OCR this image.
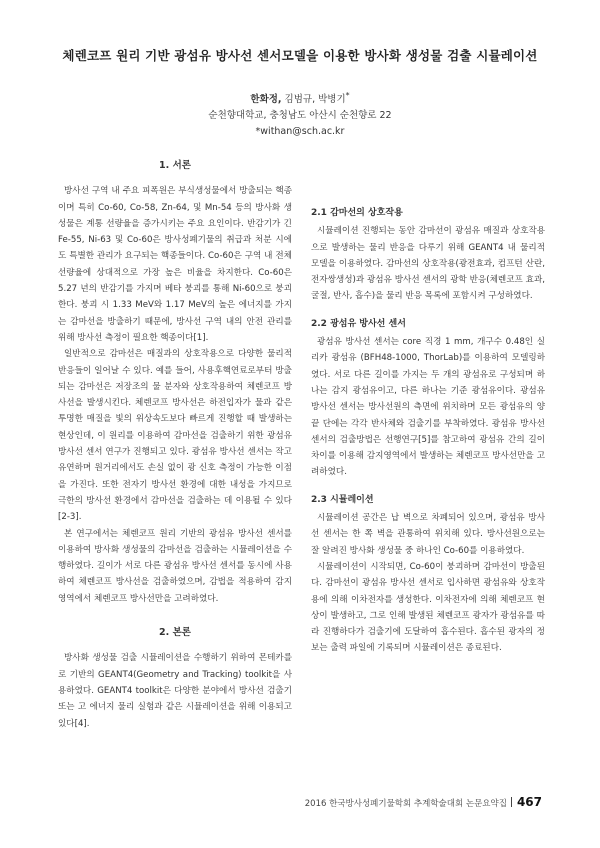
체렌코프 원리 기반 광섬유 방사선 센서모델을 이용한 방사화 생성물 검출 시뮬레이션
한화정, 김범규, 박병기*
순천향대학교, 충청남도 아산시 순천향로 22
*withan@sch.ac.kr
1. 서론

방사선 구역 내 주요 피폭원은 부식생성물에서 방출되는 핵종이며 특히 Co-60, Co-58, Zn-64, 및 Mn-54 등의 방사화 생성물은 계통 선량율을 증가시키는 주요 요인이다. 반감기가 긴 Fe-55, Ni-63 및 Co-60은 방사성폐기물의 취급과 처분 시에도 특별한 관리가 요구되는 핵종들이다. Co-60은 구역 내 전체 선량율에 상대적으로 가장 높은 비율을 차지한다. Co-60은 5.27 년의 반감기를 가지며 베타 붕괴를 통해 Ni-60으로 붕괴한다. 붕괴 시 1.33 MeV와 1.17 MeV의 높은 에너지를 가지는 감마선을 방출하기 때문에, 방사선 구역 내의 안전 관리를 위해 방사선 측정이 필요한 핵종이다[1].

일반적으로 감마선은 매질과의 상호작용으로 다양한 물리적 반응들이 일어날 수 있다. 예를 들어, 사용후핵연료로부터 방출되는 감마선은 저장조의 물 분자와 상호작용하여 체렌코프 방사선을 발생시킨다. 체렌코프 방사선은 하전입자가 물과 같은 투명한 매질을 빛의 위상속도보다 빠르게 진행할 때 발생하는 현상인데, 이 원리를 이용하여 감마선을 검출하기 위한 광섬유 방사선 센서 연구가 진행되고 있다. 광섬유 방사선 센서는 작고 유연하며 원거리에서도 손실 없이 광 신호 측정이 가능한 이점을 가진다. 또한 전자기 방사선 환경에 대한 내성을 가지므로 극한의 방사선 환경에서 감마선을 검출하는 데 이용될 수 있다[2-3].

본 연구에서는 체렌코프 원리 기반의 광섬유 방사선 센서를 이용하여 방사화 생성물의 감마선을 검출하는 시뮬레이션을 수행하였다. 길이가 서로 다른 광섬유 방사선 센서를 동시에 사용하여 체렌코프 방사선을 검출하였으며, 감법을 적용하여 감지영역에서 체렌코프 방사선만을 고려하였다.

2. 본론

방사화 생성물 검출 시뮬레이션을 수행하기 위하여 몬테카를로 기반의 GEANT4(Geometry and Tracking) toolkit을 사용하였다. GEANT4 toolkit은 다양한 분야에서 방사선 검출기 또는 고 에너지 물리 실험과 같은 시뮬레이션을 위해 이용되고 있다[4].

2.1 감마선의 상호작용

시뮬레이션 진행되는 동안 감마선이 광섬유 매질과 상호작용으로 발생하는 물리 반응을 다루기 위해 GEANT4 내 물리적 모델을 이용하였다. 감마선의 상호작용(광전효과, 컴프턴 산란, 전자쌍생성)과 광섬유 방사선 센서의 광학 반응(체렌코프 효과, 굴절, 반사, 흡수)을 물리 반응 목록에 포함시켜 구성하였다.

2.2 광섬유 방사선 센서

광섬유 방사선 센서는 core 직경 1 mm, 개구수 0.48인 실리카 광섬유 (BFH48-1000, ThorLab)를 이용하여 모델링하였다. 서로 다른 길이를 가지는 두 개의 광섬유로 구성되며 하나는 감지 광섬유이고, 다른 하나는 기준 광섬유이다. 광섬유 방사선 센서는 방사선원의 측면에 위치하며 모든 광섬유의 양 끝 단에는 각각 반사체와 검출기를 부착하였다. 광섬유 방사선 센서의 검출방법은 선행연구[5]를 참고하여 광섬유 간의 길이 차이를 이용해 감지영역에서 발생하는 체렌코프 방사선만을 고려하였다.

2.3 시뮬레이션

시뮬레이션 공간은 납 벽으로 차폐되어 있으며, 광섬유 방사선 센서는 한 쪽 벽을 관통하여 위치해 있다. 방사선원으로는 잘 알려진 방사화 생성물 중 하나인 Co-60를 이용하였다.

시뮬레이션이 시작되면, Co-60이 붕괴하며 감마선이 방출된다. 감마선이 광섬유 방사선 센서로 입사하면 광섬유와 상호작용에 의해 이차전자를 생성한다. 이차전자에 의해 체렌코프 현상이 발생하고, 그로 인해 발생된 체렌코프 광자가 광섬유를 따라 진행하다가 검출기에 도달하여 흡수된다. 흡수된 광자의 정보는 출력 파일에 기록되며 시뮬레이션은 종료된다.

2016 한국방사성폐기물학회 추계학술대회 논문요약집 467
